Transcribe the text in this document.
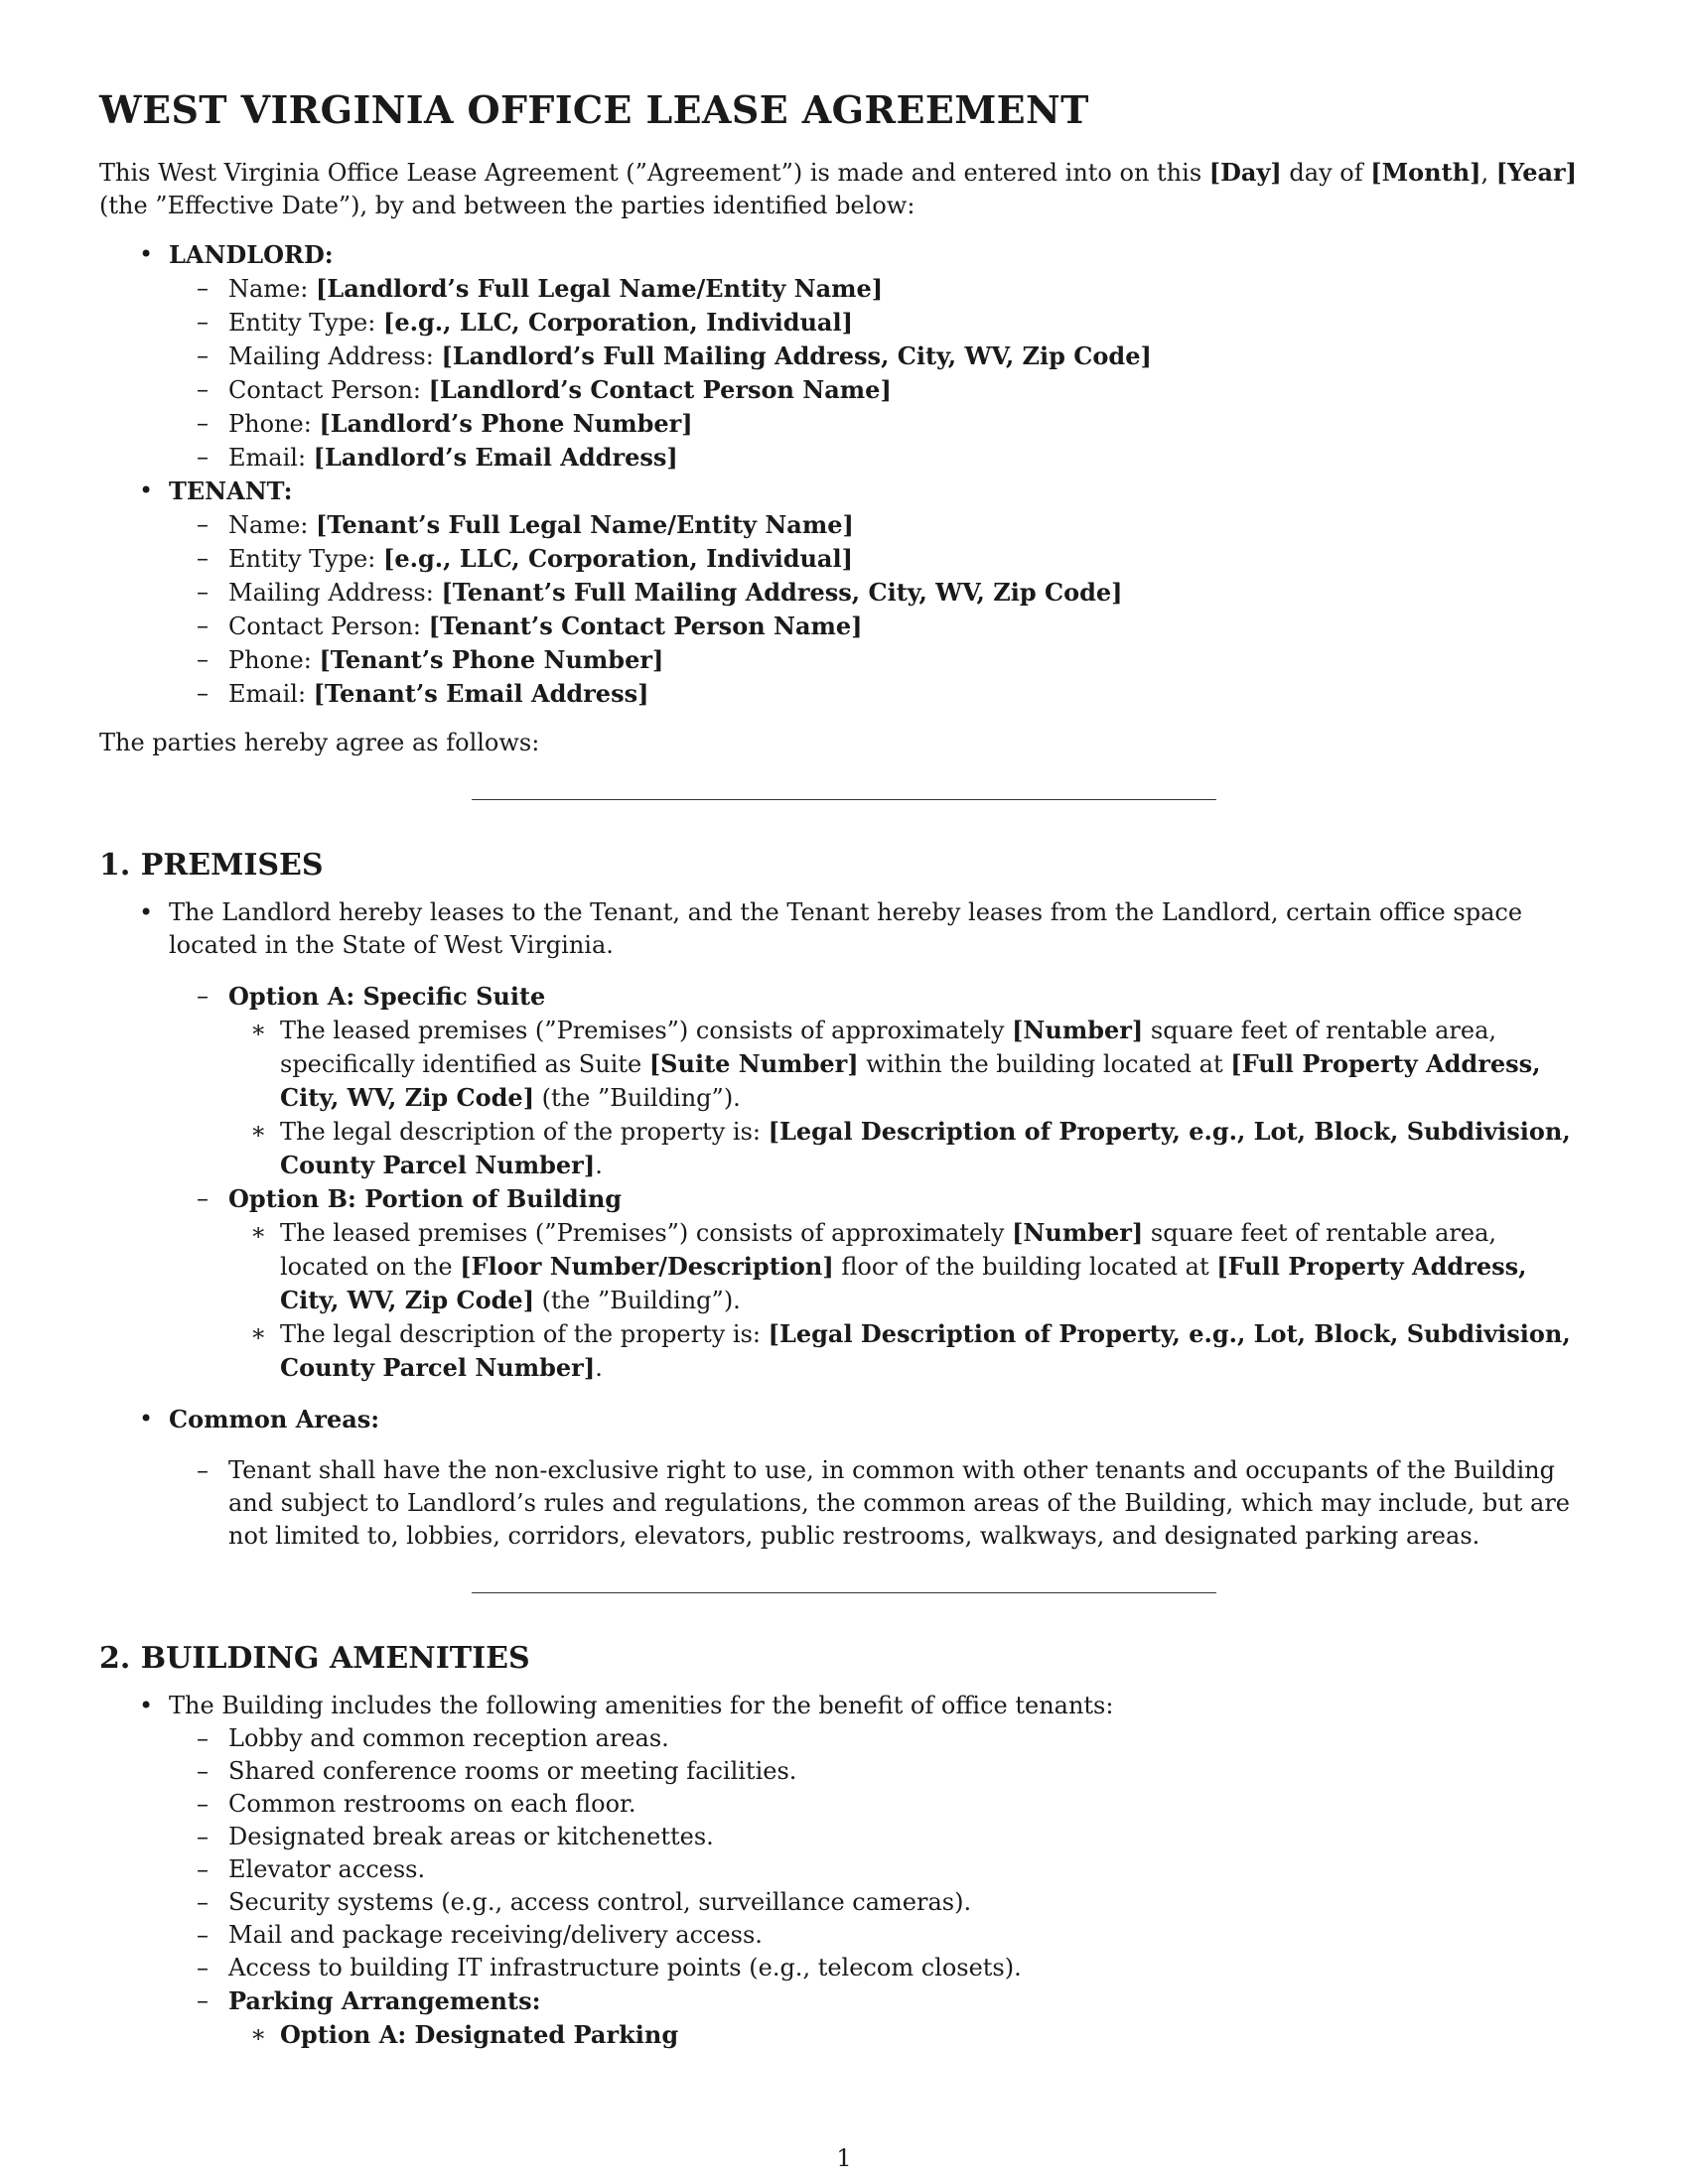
WEST VIRGINIA OFFICE LEASE AGREEMENT

This West Virginia Office Lease Agreement (”Agreement”) is made and entered into on this [Day] day of [Month], [Year] (the ”Effective Date”), by and between the parties identified below:

• LANDLORD:
– Name: [Landlord’s Full Legal Name/Entity Name]
– Entity Type: [e.g., LLC, Corporation, Individual]
– Mailing Address: [Landlord’s Full Mailing Address, City, WV, Zip Code]
– Contact Person: [Landlord’s Contact Person Name]
– Phone: [Landlord’s Phone Number]
– Email: [Landlord’s Email Address]
• TENANT:
– Name: [Tenant’s Full Legal Name/Entity Name]
– Entity Type: [e.g., LLC, Corporation, Individual]
– Mailing Address: [Tenant’s Full Mailing Address, City, WV, Zip Code]
– Contact Person: [Tenant’s Contact Person Name]
– Phone: [Tenant’s Phone Number]
– Email: [Tenant’s Email Address]

The parties hereby agree as follows:

1. PREMISES
• The Landlord hereby leases to the Tenant, and the Tenant hereby leases from the Landlord, certain office space located in the State of West Virginia.
– Option A: Specific Suite
∗ The leased premises (”Premises”) consists of approximately [Number] square feet of rentable area, specifically identified as Suite [Suite Number] within the building located at [Full Property Address, City, WV, Zip Code] (the ”Building”).
∗ The legal description of the property is: [Legal Description of Property, e.g., Lot, Block, Subdivision, County Parcel Number].
– Option B: Portion of Building
∗ The leased premises (”Premises”) consists of approximately [Number] square feet of rentable area, located on the [Floor Number/Description] floor of the building located at [Full Property Address, City, WV, Zip Code] (the ”Building”).
∗ The legal description of the property is: [Legal Description of Property, e.g., Lot, Block, Subdivision, County Parcel Number].
• Common Areas:
– Tenant shall have the non-exclusive right to use, in common with other tenants and occupants of the Building and subject to Landlord’s rules and regulations, the common areas of the Building, which may include, but are not limited to, lobbies, corridors, elevators, public restrooms, walkways, and designated parking areas.
2. BUILDING AMENITIES
• The Building includes the following amenities for the benefit of office tenants:
– Lobby and common reception areas.
– Shared conference rooms or meeting facilities.
– Common restrooms on each floor.
– Designated break areas or kitchenettes.
– Elevator access.
– Security systems (e.g., access control, surveillance cameras).
– Mail and package receiving/delivery access.
– Access to building IT infrastructure points (e.g., telecom closets).
– Parking Arrangements:
∗ Option A: Designated Parking
1
